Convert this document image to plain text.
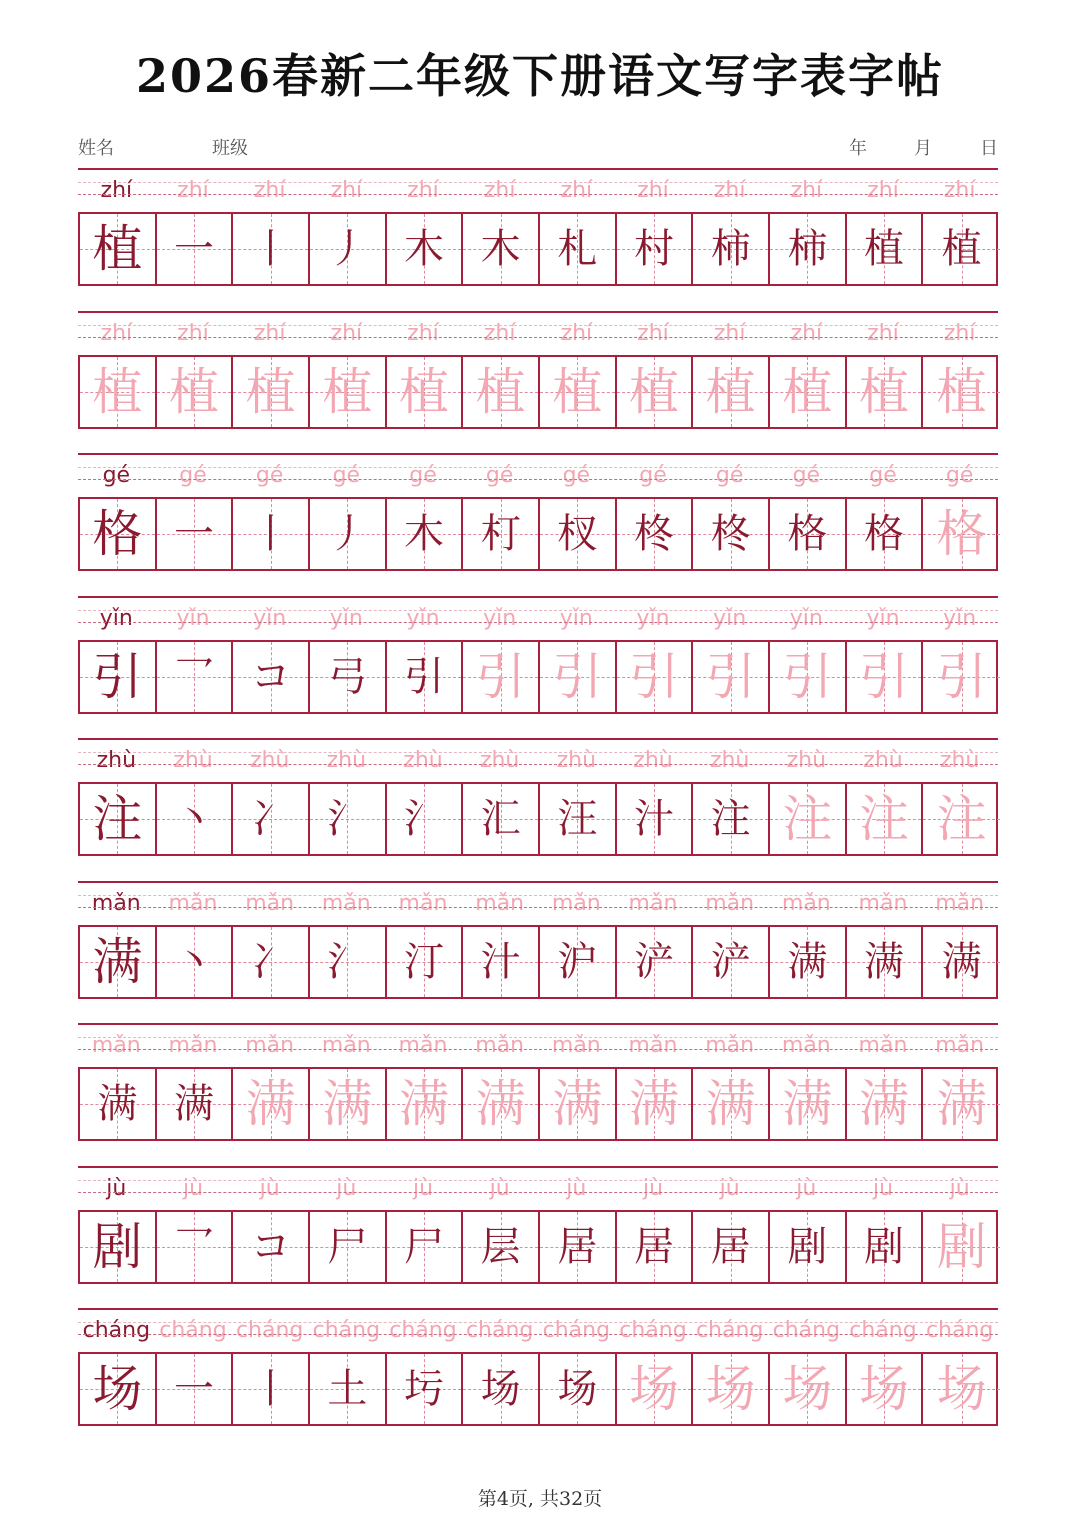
2026春新二年级下册语文写字表字帖
姓名	班级	年	月	日
zhí	zhí	zhí	zhí	zhí	zhí	zhí	zhí	zhí	zhí	zhí	zhí
植 一 丨 丿 木 木 札 村 柿 柿 植 植
zhí	zhí	zhí	zhí	zhí	zhí	zhí	zhí	zhí	zhí	zhí	zhí
植 植 植 植 植 植 植 植 植 植 植 植
gé	gé	gé	gé	gé	gé	gé	gé	gé	gé	gé	gé
格 一 丨 丿 木 朾 杈 柊 柊 格 格 格
yǐn	yǐn	yǐn	yǐn	yǐn	yǐn	yǐn	yǐn	yǐn	yǐn	yǐn	yǐn
引 乛 コ 弓 引 引 引 引 引 引 引 引
zhù	zhù	zhù	zhù	zhù	zhù	zhù	zhù	zhù	zhù	zhù	zhù
注 丶 冫 氵 氵 汇 汪 汁 注 注 注 注
mǎn	mǎn	mǎn	mǎn	mǎn	mǎn	mǎn	mǎn	mǎn	mǎn	mǎn	mǎn
满 丶 冫 氵 汀 汁 沪 浐 浐 满 满 满
mǎn	mǎn	mǎn	mǎn	mǎn	mǎn	mǎn	mǎn	mǎn	mǎn	mǎn	mǎn
满 满 满 满 满 满 满 满 满 满 满 满
jù	jù	jù	jù	jù	jù	jù	jù	jù	jù	jù	jù
剧 乛 コ 尸 尸 层 居 居 居 剧 剧 剧
cháng cháng cháng cháng cháng cháng cháng cháng cháng cháng cháng cháng
场 一 丨 土 圬 场 场 场 场 场 场 场
第4页, 共32页
